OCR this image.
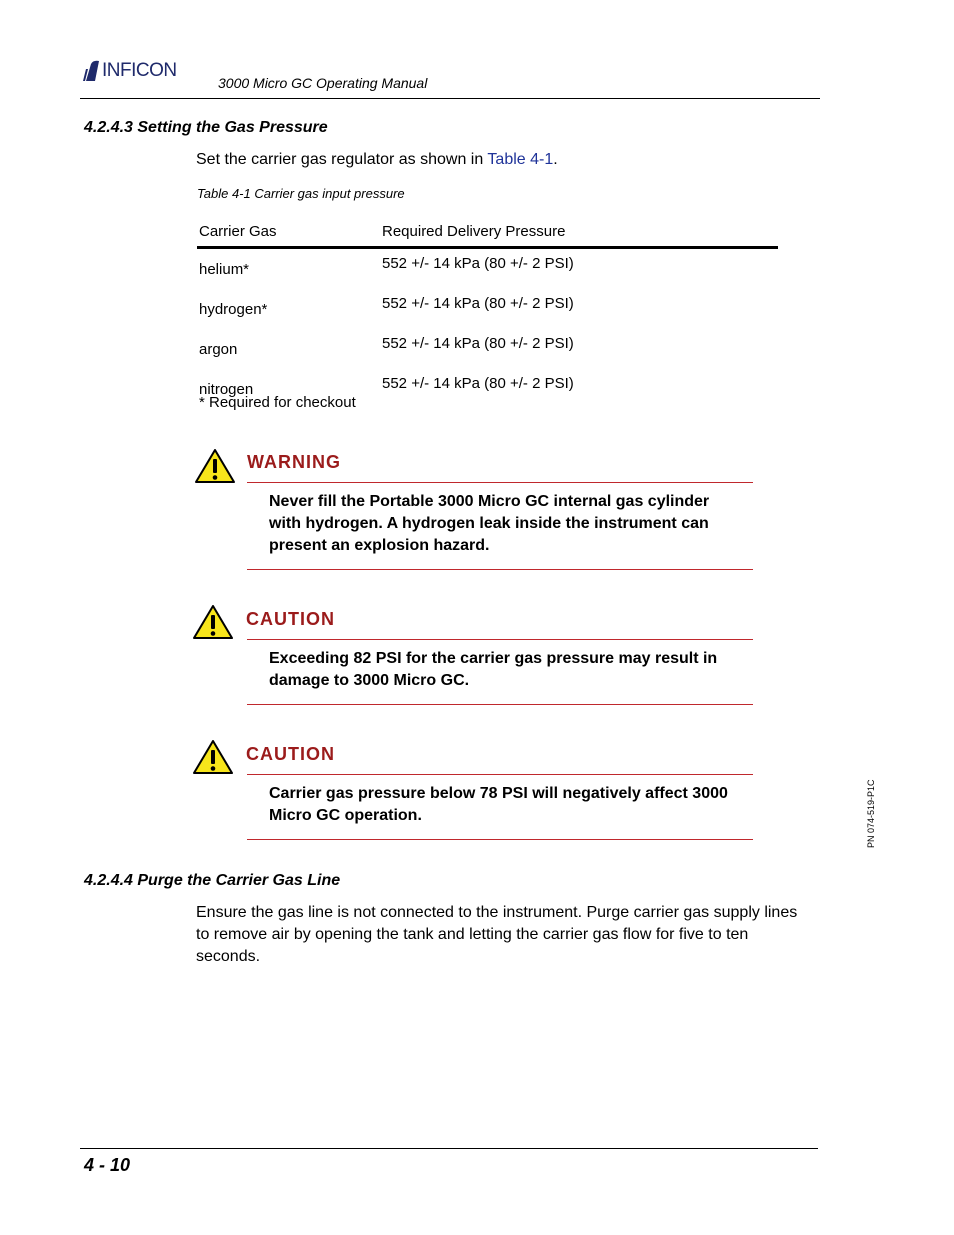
INFICON
3000 Micro GC Operating Manual
4.2.4.3 Setting the Gas Pressure
Set the carrier gas regulator as shown in Table 4-1.
Table 4-1 Carrier gas input pressure
Carrier Gas	Required Delivery Pressure
helium*	552 +/- 14 kPa (80 +/- 2 PSI)
hydrogen*	552 +/- 14 kPa (80 +/- 2 PSI)
argon	552 +/- 14 kPa (80 +/- 2 PSI)
nitrogen	552 +/- 14 kPa (80 +/- 2 PSI)
* Required for checkout
WARNING
Never fill the Portable 3000 Micro GC internal gas cylinder with hydrogen. A hydrogen leak inside the instrument can present an explosion hazard.
CAUTION
Exceeding 82 PSI for the carrier gas pressure may result in damage to 3000 Micro GC.
CAUTION
Carrier gas pressure below 78 PSI will negatively affect 3000 Micro GC operation.
4.2.4.4 Purge the Carrier Gas Line
Ensure the gas line is not connected to the instrument. Purge carrier gas supply lines to remove air by opening the tank and letting the carrier gas flow for five to ten seconds.
PN 074-519-P1C
4 - 10
